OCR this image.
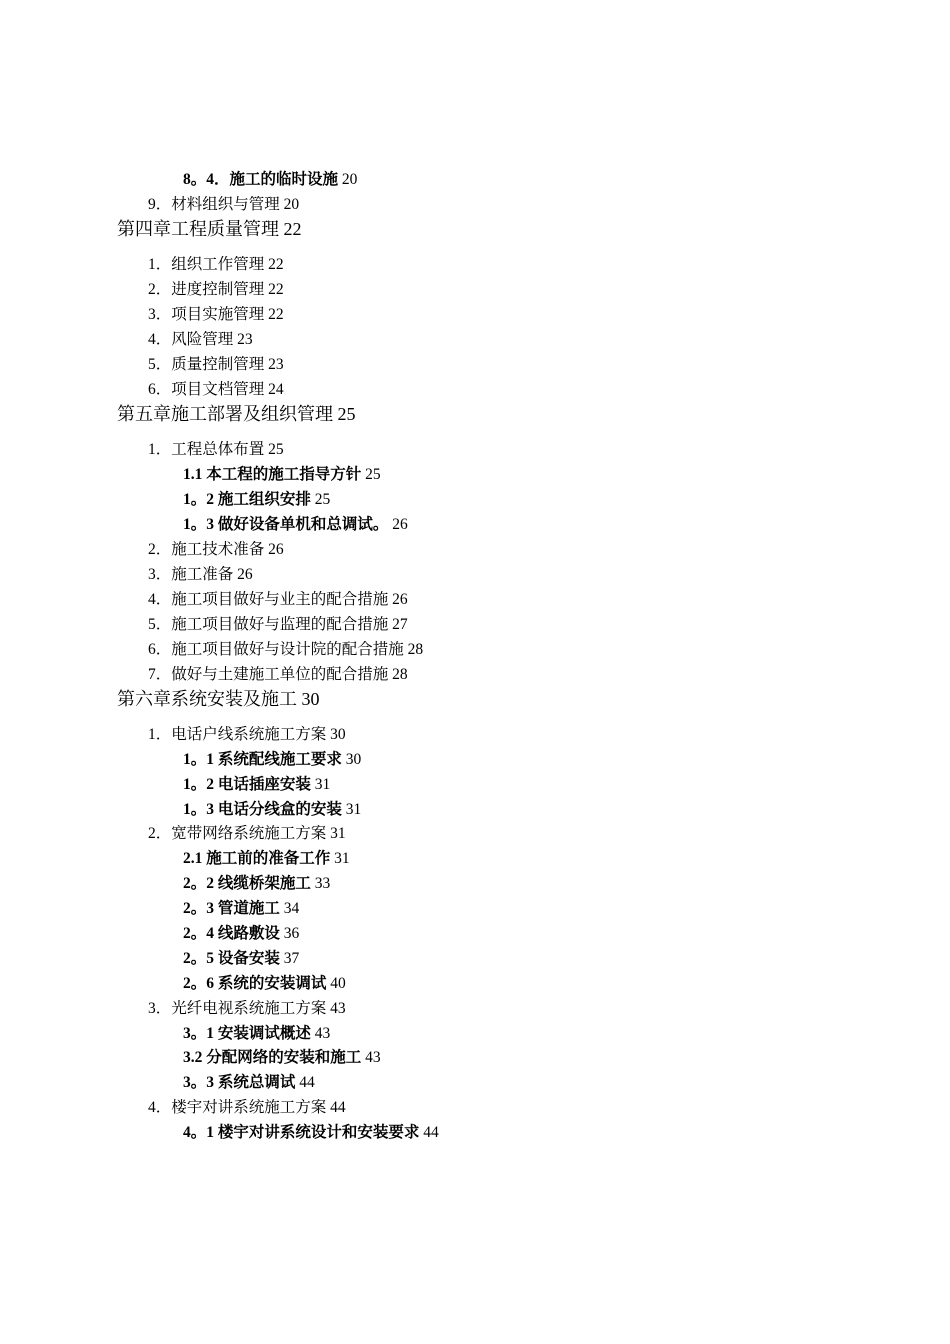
8。4．施工的临时设施 20
9．材料组织与管理 20
第四章工程质量管理 22
1．组织工作管理 22
2．进度控制管理 22
3．项目实施管理 22
4．风险管理 23
5．质量控制管理 23
6．项目文档管理 24
第五章施工部署及组织管理 25
1．工程总体布置 25
1.1 本工程的施工指导方针 25
1。2 施工组织安排 25
1。3 做好设备单机和总调试。 26
2．施工技术准备 26
3．施工准备 26
4．施工项目做好与业主的配合措施 26
5．施工项目做好与监理的配合措施 27
6．施工项目做好与设计院的配合措施 28
7．做好与土建施工单位的配合措施 28
第六章系统安装及施工 30
1．电话户线系统施工方案 30
1。1 系统配线施工要求 30
1。2 电话插座安装 31
1。3 电话分线盒的安装 31
2．宽带网络系统施工方案 31
2.1 施工前的准备工作 31
2。2 线缆桥架施工 33
2。3 管道施工 34
2。4 线路敷设 36
2。5 设备安装 37
2。6 系统的安装调试 40
3．光纤电视系统施工方案 43
3。1 安装调试概述 43
3.2 分配网络的安装和施工 43
3。3 系统总调试 44
4．楼宇对讲系统施工方案 44
4。1 楼宇对讲系统设计和安装要求 44
